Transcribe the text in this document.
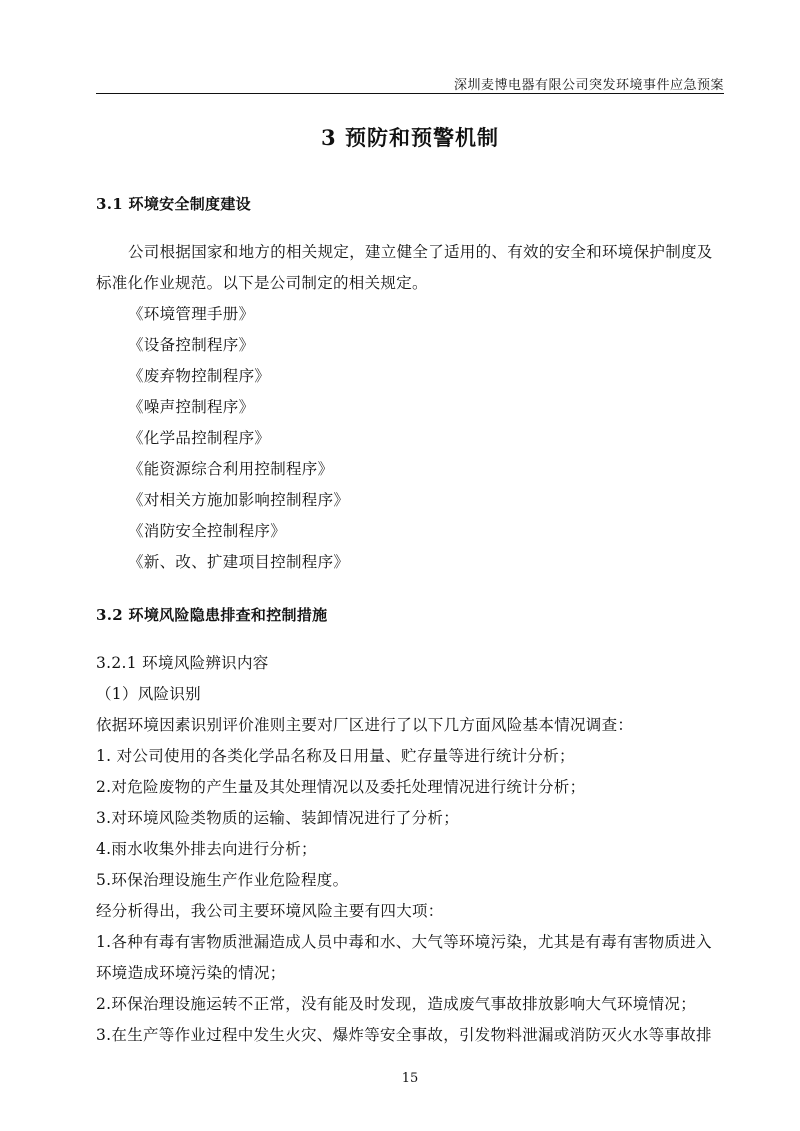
深圳麦博电器有限公司突发环境事件应急预案
3 预防和预警机制
3.1 环境安全制度建设
公司根据国家和地方的相关规定，建立健全了适用的、有效的安全和环境保护制度及
标准化作业规范。以下是公司制定的相关规定。
《环境管理手册》
《设备控制程序》
《废弃物控制程序》
《噪声控制程序》
《化学品控制程序》
《能资源综合利用控制程序》
《对相关方施加影响控制程序》
《消防安全控制程序》
《新、改、扩建项目控制程序》
3.2 环境风险隐患排查和控制措施
3.2.1 环境风险辨识内容
（1）风险识别
依据环境因素识别评价准则主要对厂区进行了以下几方面风险基本情况调查：
1. 对公司使用的各类化学品名称及日用量、贮存量等进行统计分析；
2.对危险废物的产生量及其处理情况以及委托处理情况进行统计分析；
3.对环境风险类物质的运输、装卸情况进行了分析；
4.雨水收集外排去向进行分析；
5.环保治理设施生产作业危险程度。
经分析得出，我公司主要环境风险主要有四大项：
1.各种有毒有害物质泄漏造成人员中毒和水、大气等环境污染，尤其是有毒有害物质进入
环境造成环境污染的情况；
2.环保治理设施运转不正常，没有能及时发现，造成废气事故排放影响大气环境情况；
3.在生产等作业过程中发生火灾、爆炸等安全事故，引发物料泄漏或消防灭火水等事故排
15
